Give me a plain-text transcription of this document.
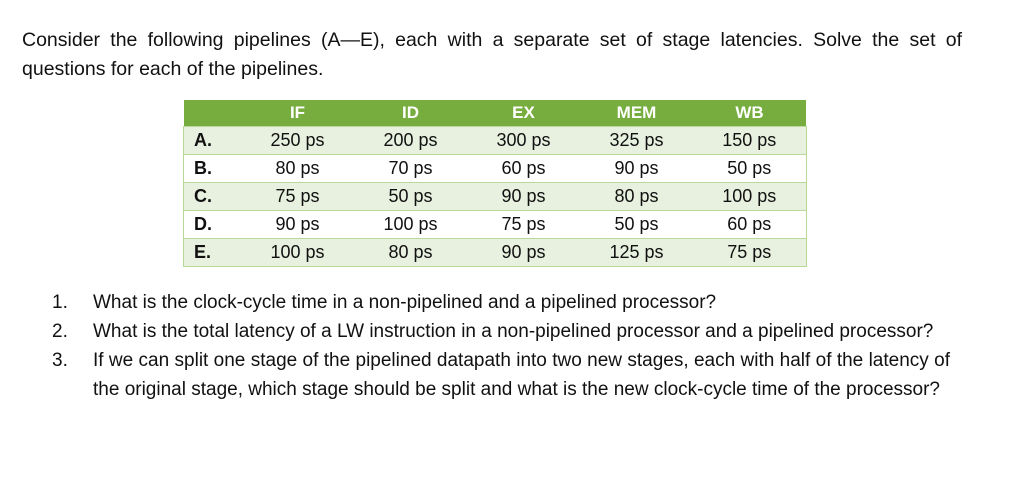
Consider the following pipelines (A—E), each with a separate set of stage latencies. Solve the set of
questions for each of the pipelines.
	IF	ID	EX	MEM	WB
A.	250 ps	200 ps	300 ps	325 ps	150 ps
B.	80 ps	70 ps	60 ps	90 ps	50 ps
C.	75 ps	50 ps	90 ps	80 ps	100 ps
D.	90 ps	100 ps	75 ps	50 ps	60 ps
E.	100 ps	80 ps	90 ps	125 ps	75 ps
1. What is the clock-cycle time in a non-pipelined and a pipelined processor?
2. What is the total latency of a LW instruction in a non-pipelined processor and a pipelined processor?
3. If we can split one stage of the pipelined datapath into two new stages, each with half of the latency of the original stage, which stage should be split and what is the new clock-cycle time of the processor?
